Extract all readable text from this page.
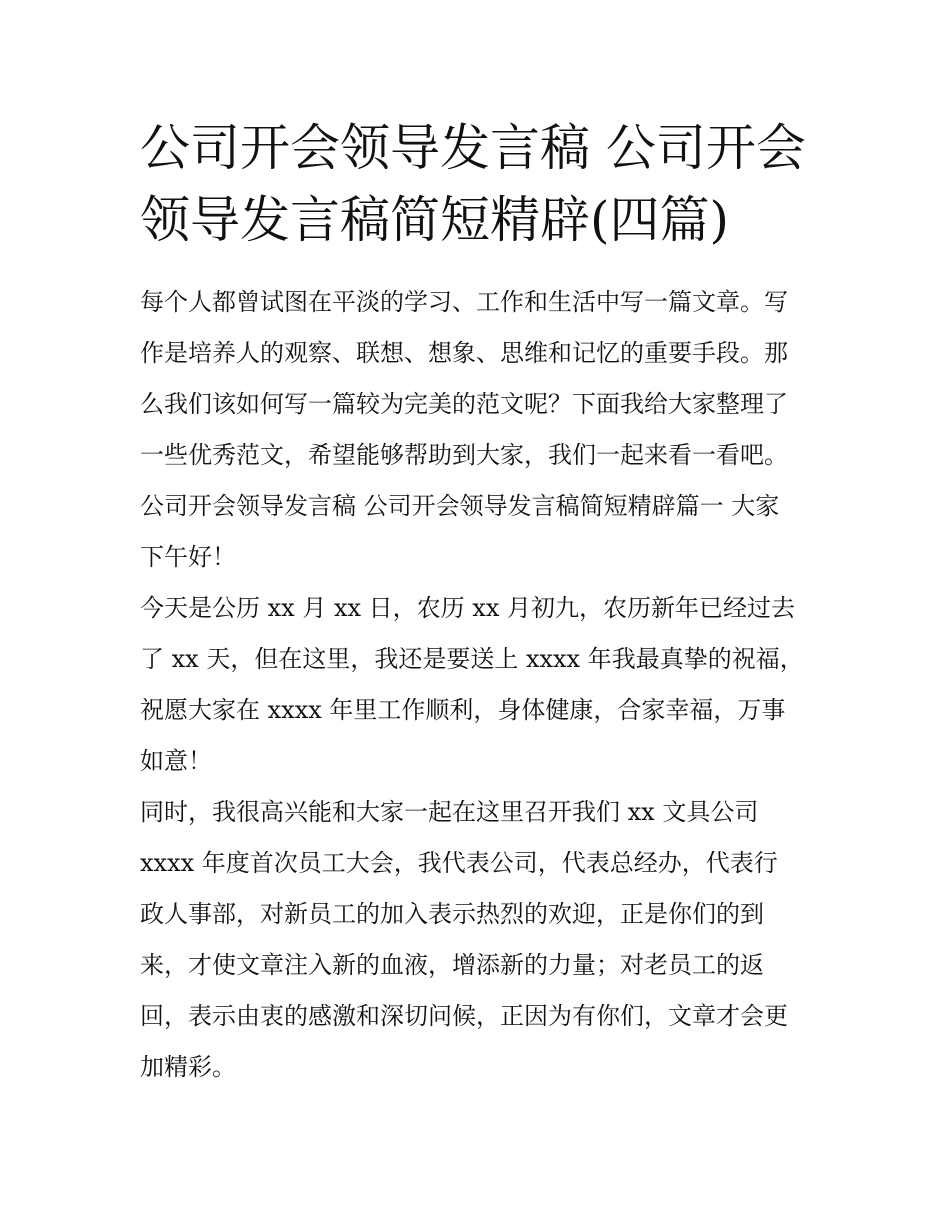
公司开会领导发言稿 公司开会
领导发言稿简短精辟(四篇)
每个人都曾试图在平淡的学习、工作和生活中写一篇文章。写
作是培养人的观察、联想、想象、思维和记忆的重要手段。那
么我们该如何写一篇较为完美的范文呢？下面我给大家整理了
一些优秀范文，希望能够帮助到大家，我们一起来看一看吧。
公司开会领导发言稿 公司开会领导发言稿简短精辟篇一 大家
下午好！
今天是公历 xx 月 xx 日，农历 xx 月初九，农历新年已经过去
了 xx 天，但在这里，我还是要送上 xxxx 年我最真挚的祝福，
祝愿大家在 xxxx 年里工作顺利，身体健康，合家幸福，万事
如意！
同时，我很高兴能和大家一起在这里召开我们 xx 文具公司
xxxx 年度首次员工大会，我代表公司，代表总经办，代表行
政人事部，对新员工的加入表示热烈的欢迎，正是你们的到
来，才使文章注入新的血液，增添新的力量；对老员工的返
回，表示由衷的感激和深切问候，正因为有你们，文章才会更
加精彩。
